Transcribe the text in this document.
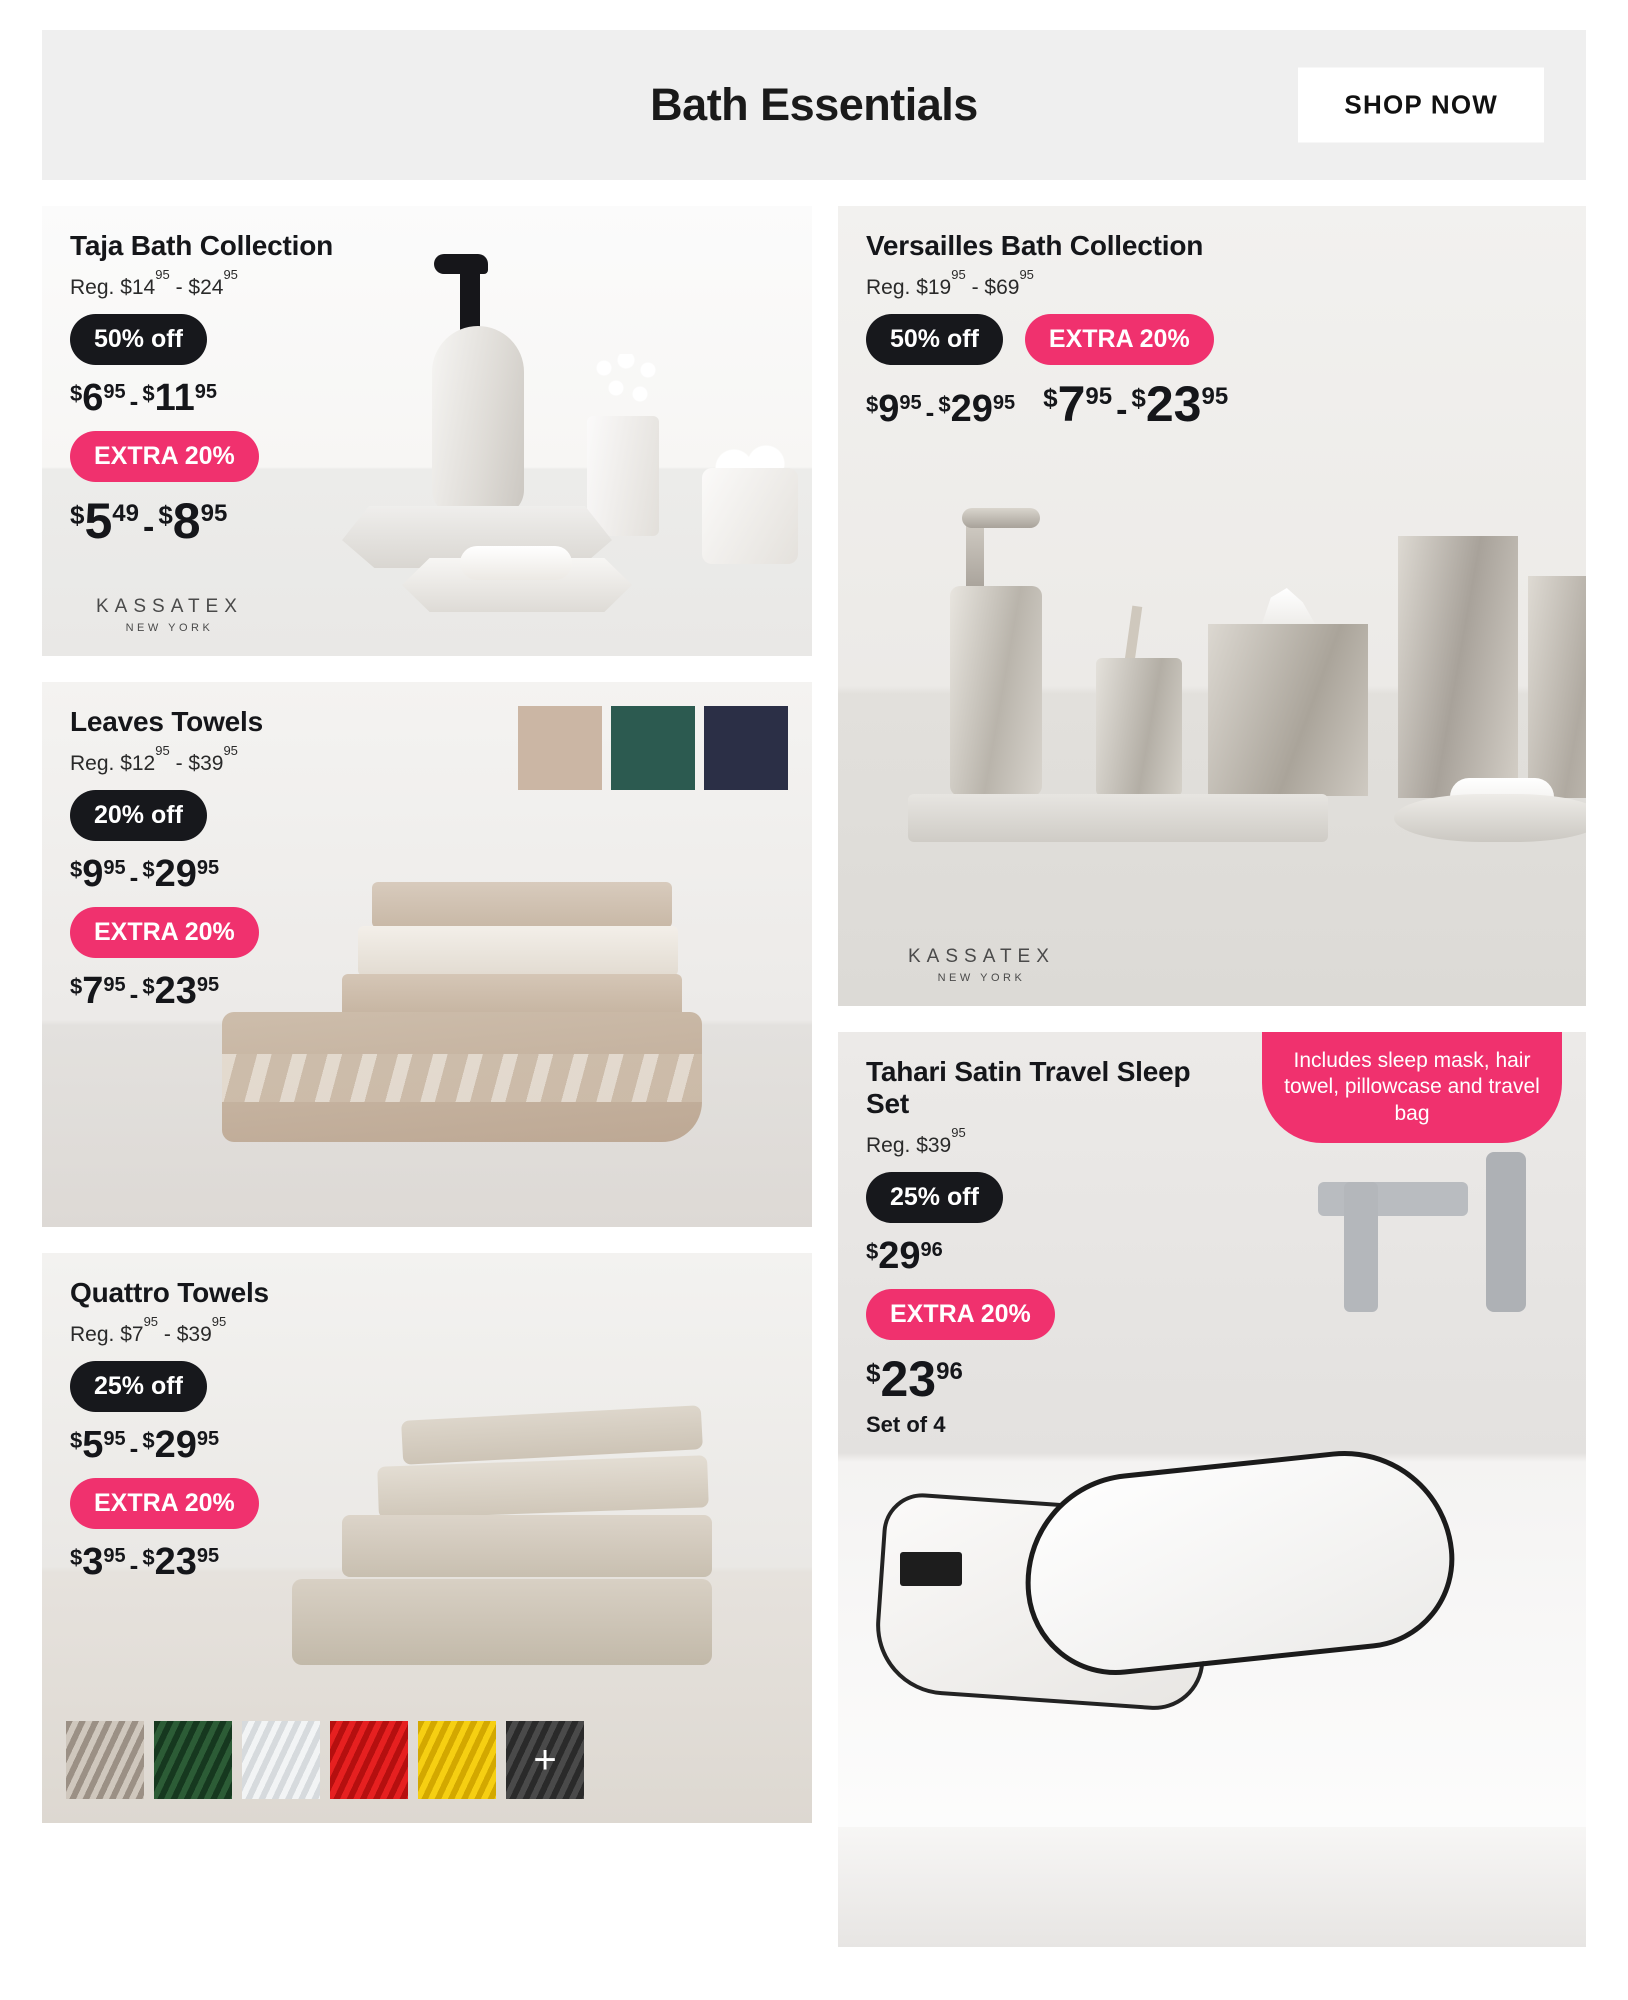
Bath Essentials	SHOP NOW
Taja Bath Collection
Reg. $\$14^{95}$ - $\$24^{95}$
50% off
$695 - $1195
EXTRA 20%
$549 - $895
KASSATEX
NEW YORK
Leaves Towels
Reg. $\$12^{95}$ - $\$39^{95}$
20% off
$995 - $2995
EXTRA 20%
$795 - $2395
Quattro Towels
Reg. $\$7^{95}$ - $\$39^{95}$
25% off
$595 - $2995
EXTRA 20%
$395 - $2395
+
Versailles Bath Collection
Reg. $\$19^{95}$ - $\$69^{95}$
50% off	EXTRA 20%
$995 - $2995 $795 - $2395
KASSATEX
NEW YORK
Includes sleep mask, hair towel, pillowcase and travel bag
Tahari Satin Travel Sleep Set
Reg. $\$39^{95}$
25% off
$2996
EXTRA 20%
$2396
Set of 4
